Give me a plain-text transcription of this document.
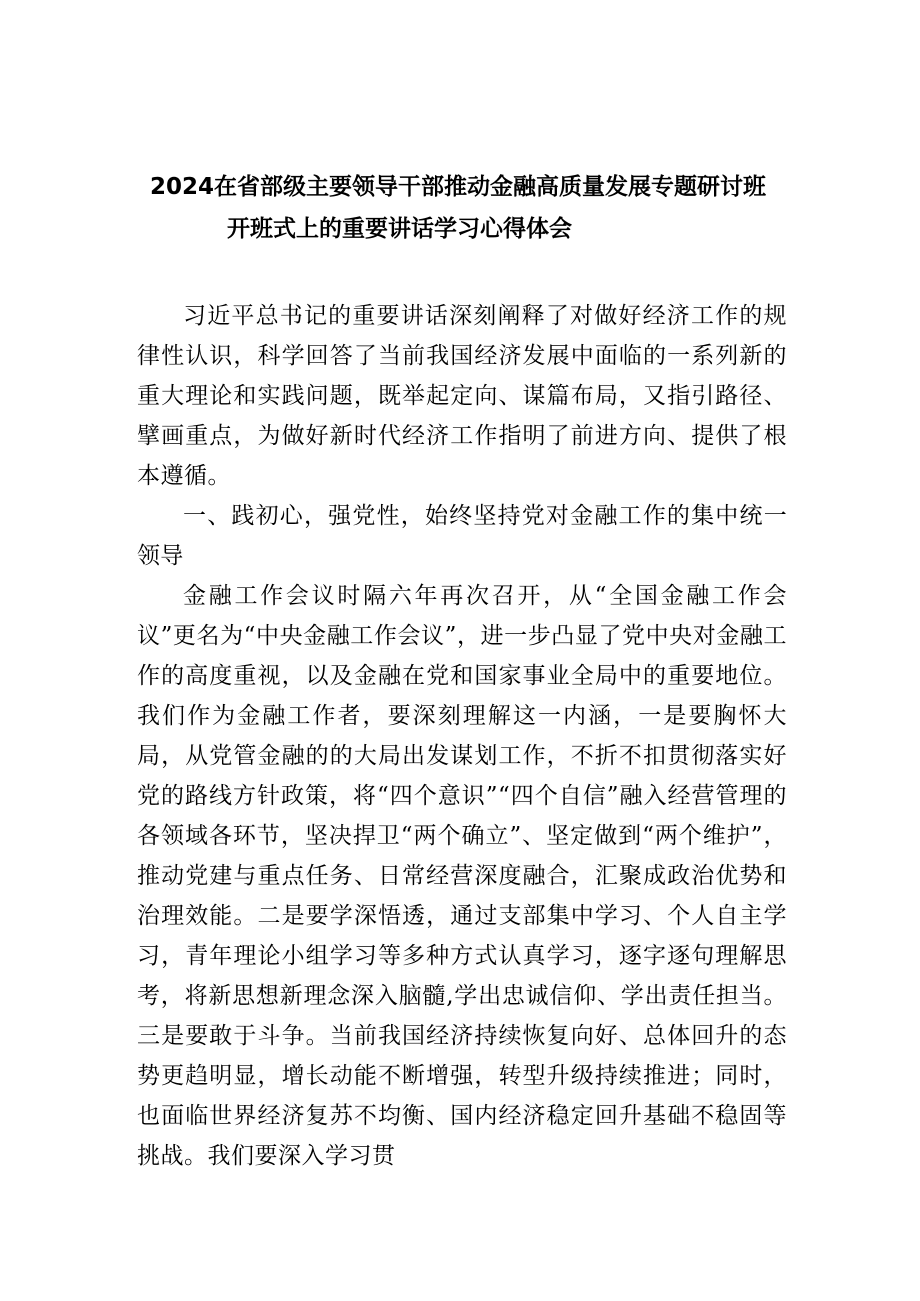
2024在省部级主要领导干部推动金融高质量发展专题研讨班
开班式上的重要讲话学习心得体会

习近平总书记的重要讲话深刻阐释了对做好经济工作的规律性认识，科学回答了当前我国经济发展中面临的一系列新的重大理论和实践问题，既举起定向、谋篇布局，又指引路径、擘画重点，为做好新时代经济工作指明了前进方向、提供了根本遵循。

一、践初心，强党性，始终坚持党对金融工作的集中统一领导

金融工作会议时隔六年再次召开，从“全国金融工作会议”更名为“中央金融工作会议”，进一步凸显了党中央对金融工作的高度重视，以及金融在党和国家事业全局中的重要地位。我们作为金融工作者，要深刻理解这一内涵，一是要胸怀大局，从党管金融的的大局出发谋划工作，不折不扣贯彻落实好党的路线方针政策，将“四个意识”“四个自信”融入经营管理的各领域各环节，坚决捍卫“两个确立”、坚定做到“两个维护”，推动党建与重点任务、日常经营深度融合，汇聚成政治优势和治理效能。二是要学深悟透，通过支部集中学习、个人自主学习，青年理论小组学习等多种方式认真学习，逐字逐句理解思考，将新思想新理念深入脑髓,学出忠诚信仰、学出责任担当。三是要敢于斗争。当前我国经济持续恢复向好、总体回升的态势更趋明显，增长动能不断增强，转型升级持续推进；同时，也面临世界经济复苏不均衡、国内经济稳定回升基础不稳固等挑战。我们要深入学习贯
